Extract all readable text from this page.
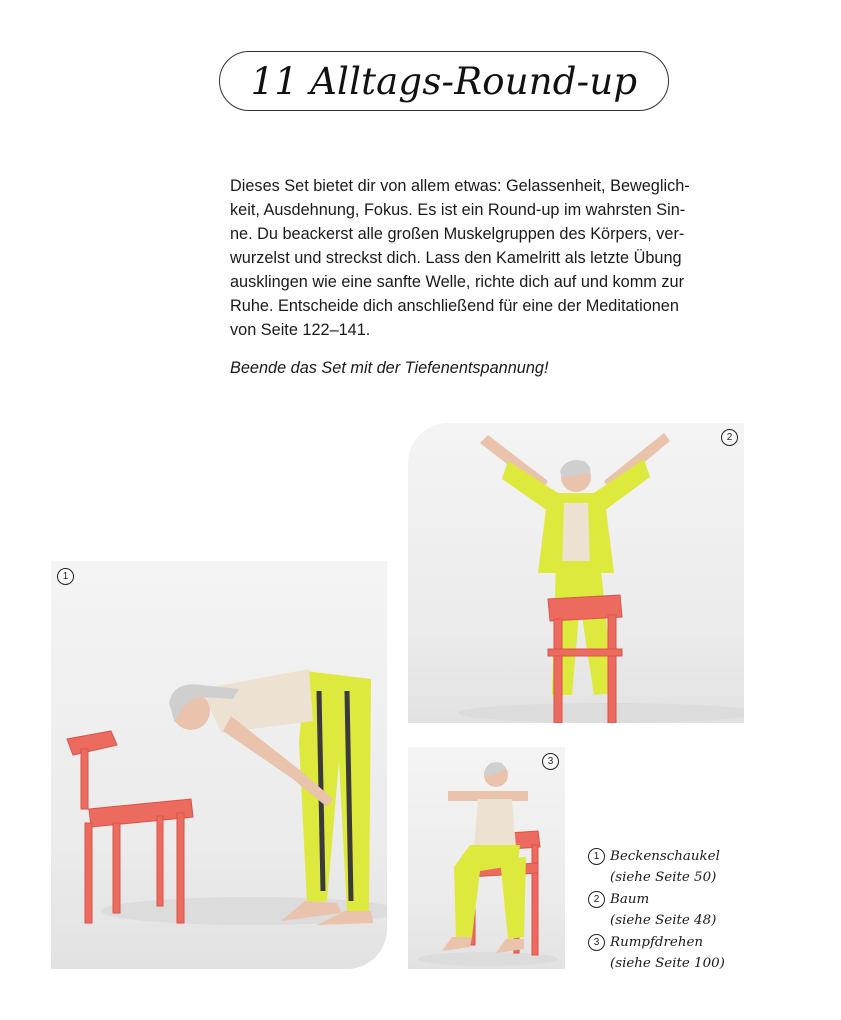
11 Alltags-Round-up

Dieses Set bietet dir von allem etwas: Gelassenheit, Beweglich-
keit, Ausdehnung, Fokus. Es ist ein Round-up im wahrsten Sin-
ne. Du beackerst alle großen Muskelgruppen des Körpers, ver-
wurzelst und streckst dich. Lass den Kamelritt als letzte Übung
ausklingen wie eine sanfte Welle, richte dich auf und komm zur
Ruhe. Entscheide dich anschließend für eine der Meditationen
von Seite 122–141.

Beende das Set mit der Tiefenentspannung!

1
2
3
1 Beckenschaukel
(siehe Seite 50)
2 Baum
(siehe Seite 48)
3 Rumpfdrehen
(siehe Seite 100)
